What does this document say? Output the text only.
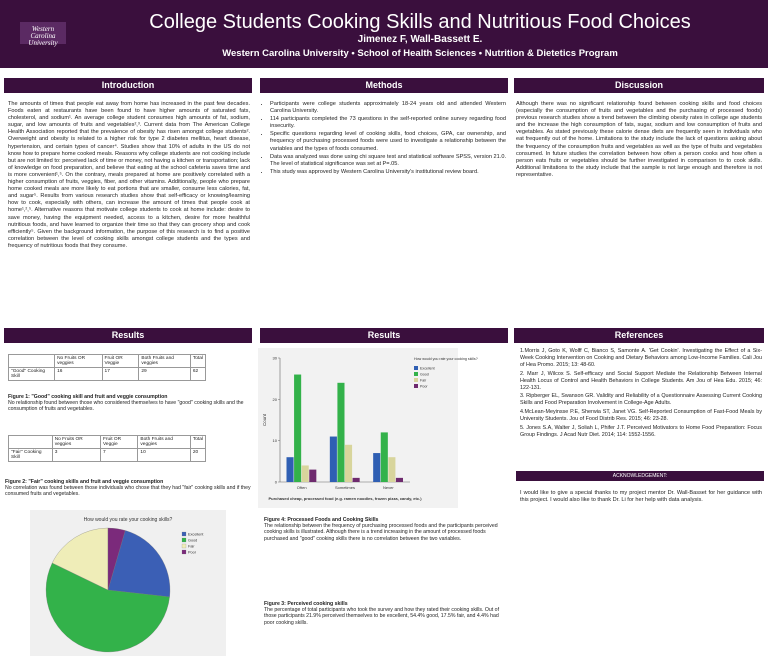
Western Carolina University
College Students Cooking Skills and Nutritious Food Choices
Jimenez F, Wall-Bassett E.
Western Carolina University • School of Health Sciences • Nutrition & Dietetics Program
Introduction
The amounts of times that people eat away from home has increased in the past few decades. Foods eaten at restaurants have been found to have higher amounts of saturated fats, cholesterol, and sodium¹. An average college student consumes high amounts of fat, sodium, sugar, and low amounts of fruits and vegetables²,³. Current data from The American College Health Association reported that the prevalence of obesity has risen amongst college students². Overweight and obesity is related to a higher risk for type 2 diabetes mellitus, heart disease, hypertension, and certain types of cancer⁴. Studies show that 10% of adults in the US do not know how to prepare home cooked meals. Reasons why college students are not cooking include but are not limited to: perceived lack of time or money, not having a kitchen or transportation; lack of knowledge on food preparation, and believe that eating at the school cafeteria saves time and is more convenient¹,⁵. On the contrary, meals prepared at home are positively correlated with a higher consumption of fruits, veggies, fiber, and other vitamins. Additionally, people who prepare home cooked meals are more likely to eat portions that are smaller, consume less calories, fat, and sugar⁵. Results from various research studies show that self-efficacy or knowing/learning how to cook, especially with others, can increase the amount of times that people cook at home¹,²,⁵. Alternative reasons that motivate college students to cook at home include: desire to save money, having the equipment needed, access to a kitchen, desire for more healthful nutritious foods, and have learned to organize their time so that they can grocery shop and cook efficiently⁵. Given the background information, the purpose of this research is to find a positive correlation between the level of cooking skills amongst college students and the types and frequency of nutritious foods that they consume.
Methods
• Participants were college students approximately 18-24 years old and attended Western Carolina University.
• 114 participants completed the 73 questions in the self-reported online survey regarding food insecurity.
• Specific questions regarding level of cooking skills, food choices, GPA, car ownership, and frequency of purchasing processed foods were used to investigate a relationship between the variables and the types of foods consumed.
• Data was analyzed was done using chi square test and statistical software SPSS, version 21.0. The level of statistical significance was set at P=.05.
• This study was approved by Western Carolina University's institutional review board.
Discussion
Although there was no significant relationship found between cooking skills and food choices (especially the consumption of fruits and vegetables and the purchasing of processed foods) previous research studies show a trend between the climbing obesity rates in college age students and the increase the high consumption of fats, sugar, sodium and low consumption of fruits and vegetables. As stated previously these calorie dense diets are frequently seen in individuals who eat frequently out of the home. Limitations to the study include the lack of questions asking about the frequency of the consumption fruits and vegetables as well as the type of fruits and vegetables consumed. In future studies the correlation between how often a person cooks and how often a person eats fruits or vegetables should be further investigated in comparison to to cook skills. Additional limitations to the study include that the sample is not large enough and therefore is not representative.
Results
	No Fruits OR veggies	Fruit OR Veggie	Both Fruits and veggies	Total
"Good" Cooking Skill	16	17	29	62
Figure 1: "Good" cooking skill and fruit and veggie consumption
No relationship found between those who considered themselves to have "good" cooking skills and the consumption of fruits and vegetables.
	No Fruits OR veggies	Fruit OR Veggie	Both Fruits and veggies	Total
"Fair" Cooking Skill	3	7	10	20
Figure 2: "Fair" cooking skills and fruit and veggie consumption
No correlation was found between those individuals who chose that they had "fair" cooking skills and if they consumed fruits and vegetables.
How would you rate your cooking skills?
Excellent
Good
Fair
Poor
Results
0
10
20
30
Count
Purchased cheap, processed food (e.g. ramen noodles, frozen pizza, candy, etc.)
Often	Sometimes	Never
How would you rate your cooking skills?
Excellent
Good
Fair
Poor
Figure 4: Processed Foods and Cooking Skills
The relationship between the frequency of purchasing processed foods and the participants perceived cooking skills is illustrated. Although there is a trend increasing in the amount of processed foods purchased and "good" cooking skills there is no correlation between the two variables.
Figure 3: Perceived cooking skills
The percentage of total participants who took the survey and how they rated their cooking skills. Out of those participants 21.9% perceived themselves to be excellent, 54.4% good, 17.5% fair, and 4.4% had poor cooking skills.
References

1.Morris J, Goto K, Wolff C, Bianco S, Samonte A. 'Get Cookin'. Investigating the Effect of a Six-Week Cooking Intervention on Cooking and Dietary Behaviors among Low-Income Families. Cali Jou of Hea Promo. 2015; 13: 48-60.

2. Marr J, Wilcox S. Self-efficacy and Social Support Mediate the Relationship Between Internal Health Locus of Control and Health Behaviors in College Students. Am Jou of Hea Edu. 2015; 46: 122-131.

3. Ripberger EL, Swanson GR. Validity and Reliability of a Questionnaire Assessing Current Cooking Skills and Food Preparation Involvement in College-Age Adults.

4.McLean-Meyinsse P.E, Sherwia ST, Janet VG. Self-Reported Consumption of Fast-Food Meals by University Students. Jou of Food Distrib Res. 2015; 46: 23-28.

5. Jones S.A, Walter J, Soliah L, Phifer J.T. Perceived Motivators to Home Food Preparation: Focus Group Findings. J Acad Nutr Diet. 2014; 114: 1552-1556.

ACKNOWLEDGEMENT:
I would like to give a special thanks to my project mentor Dr. Wall-Basset for her guidance with this project. I would also like to thank Dr. Li for her help with data analysis.
